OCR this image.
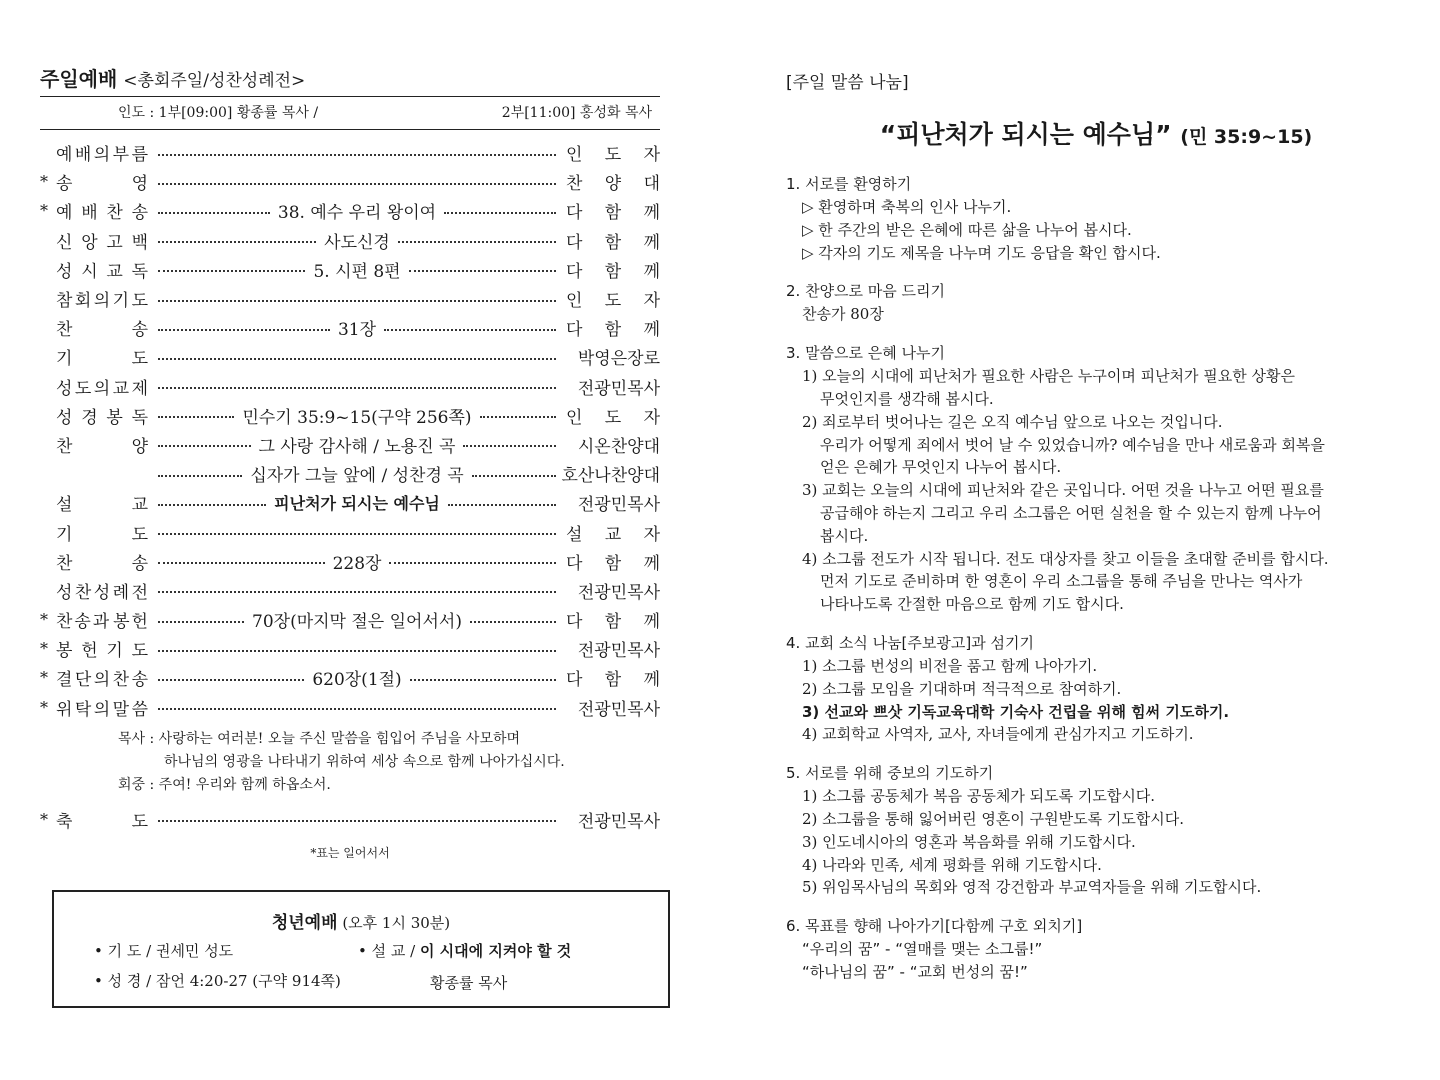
주일예배 <총회주일/성찬성례전>
인도 : 1부[09:00] 황종률 목사 /	2부[11:00] 홍성화 목사
예 배 의 부 름	인 도 자
* 송	영	찬 양 대
* 예 배 찬 송	38. 예수 우리 왕이여	다 함 께
신 앙 고 백	사도신경	다 함 께
성 시 교 독	5. 시편 8편	다 함 께
참 회 의 기 도	인 도 자
찬	송	31장	다 함 께
기	도	박영은장로
성 도 의 교 제	전광민목사
성 경 봉 독	민수기 35:9~15(구약 256쪽)	인 도 자
찬	양	그 사랑 감사해 / 노용진 곡	시온찬양대
십자가 그늘 앞에 / 성찬경 곡	호산나찬양대
설	교	피난처가 되시는 예수님	전광민목사
기	도	설 교 자
찬	송	228장	다 함 께
성 찬 성 례 전	전광민목사
* 찬 송 과 봉 헌	70장(마지막 절은 일어서서)	다 함 께
* 봉 헌 기 도	전광민목사
* 결 단 의 찬 송	620장(1절)	다 함 께
* 위 탁 의 말 씀	전광민목사
목사 : 사랑하는 여러분! 오늘 주신 말씀을 힘입어 주님을 사모하며
하나님의 영광을 나타내기 위하여 세상 속으로 함께 나아가십시다.
회중 : 주여! 우리와 함께 하옵소서.
* 축	도	전광민목사
*표는 일어서서
청년예배 (오후 1시 30분)
• 기 도 / 권세민 성도	• 설 교 / 이 시대에 지켜야 할 것
• 성 경 / 잠언 4:20-27 (구약 914쪽)	황종률 목사
[주일 말씀 나눔]
“피난처가 되시는 예수님” (민 35:9~15)
1. 서로를 환영하기
▷ 환영하며 축복의 인사 나누기.
▷ 한 주간의 받은 은혜에 따른 삶을 나누어 봅시다.
▷ 각자의 기도 제목을 나누며 기도 응답을 확인 합시다.
2. 찬양으로 마음 드리기
찬송가 80장
3. 말씀으로 은혜 나누기
1) 오늘의 시대에 피난처가 필요한 사람은 누구이며 피난처가 필요한 상황은
무엇인지를 생각해 봅시다.
2) 죄로부터 벗어나는 길은 오직 예수님 앞으로 나오는 것입니다.
우리가 어떻게 죄에서 벗어 날 수 있었습니까? 예수님을 만나 새로움과 회복을
얻은 은혜가 무엇인지 나누어 봅시다.
3) 교회는 오늘의 시대에 피난처와 같은 곳입니다. 어떤 것을 나누고 어떤 필요를
공급해야 하는지 그리고 우리 소그룹은 어떤 실천을 할 수 있는지 함께 나누어
봅시다.
4) 소그룹 전도가 시작 됩니다. 전도 대상자를 찾고 이들을 초대할 준비를 합시다.
먼저 기도로 준비하며 한 영혼이 우리 소그룹을 통해 주님을 만나는 역사가
나타나도록 간절한 마음으로 함께 기도 합시다.
4. 교회 소식 나눔[주보광고]과 섬기기
1) 소그룹 번성의 비전을 품고 함께 나아가기.
2) 소그룹 모임을 기대하며 적극적으로 참여하기.
3) 선교와 쁘삿 기독교육대학 기숙사 건립을 위해 힘써 기도하기.
4) 교회학교 사역자, 교사, 자녀들에게 관심가지고 기도하기.
5. 서로를 위해 중보의 기도하기
1) 소그룹 공동체가 복음 공동체가 되도록 기도합시다.
2) 소그룹을 통해 잃어버린 영혼이 구원받도록 기도합시다.
3) 인도네시아의 영혼과 복음화를 위해 기도합시다.
4) 나라와 민족, 세계 평화를 위해 기도합시다.
5) 위임목사님의 목회와 영적 강건함과 부교역자들을 위해 기도합시다.
6. 목표를 향해 나아가기[다함께 구호 외치기]
“우리의 꿈” - “열매를 맺는 소그룹!”
“하나님의 꿈” - “교회 번성의 꿈!”
